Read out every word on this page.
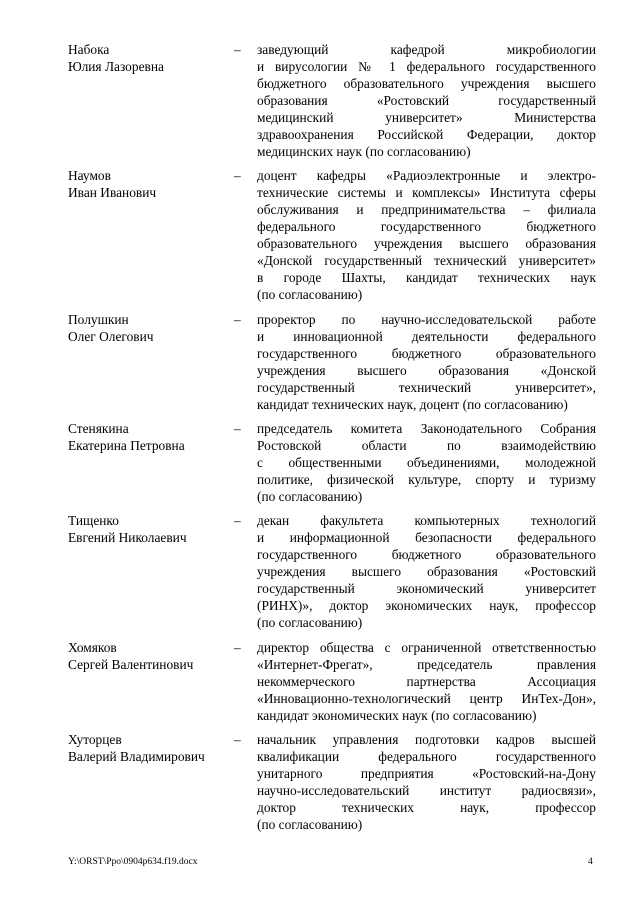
Набока
Юлия Лазоревна
– заведующий кафедрой микробиологии
и вирусологии № 1 федерального государственного
бюджетного образовательного учреждения высшего
образования «Ростовский государственный
медицинский университет» Министерства
здравоохранения Российской Федерации, доктор
медицинских наук (по согласованию)
Наумов
Иван Иванович
– доцент кафедры «Радиоэлектронные и электро-
технические системы и комплексы» Института сферы
обслуживания и предпринимательства – филиала
федерального государственного бюджетного
образовательного учреждения высшего образования
«Донской государственный технический университет»
в городе Шахты, кандидат технических наук
(по согласованию)
Полушкин
Олег Олегович
– проректор по научно-исследовательской работе
и инновационной деятельности федерального
государственного бюджетного образовательного
учреждения высшего образования «Донской
государственный технический университет»,
кандидат технических наук, доцент (по согласованию)
Стенякина
Екатерина Петровна
– председатель комитета Законодательного Собрания
Ростовской области по взаимодействию
с общественными объединениями, молодежной
политике, физической культуре, спорту и туризму
(по согласованию)
Тищенко
Евгений Николаевич
– декан факультета компьютерных технологий
и информационной безопасности федерального
государственного бюджетного образовательного
учреждения высшего образования «Ростовский
государственный экономический университет
(РИНХ)», доктор экономических наук, профессор
(по согласованию)
Хомяков
Сергей Валентинович
– директор общества с ограниченной ответственностью
«Интернет-Фрегат», председатель правления
некоммерческого партнерства Ассоциация
«Инновационно-технологический центр ИнТех-Дон»,
кандидат экономических наук (по согласованию)
Хуторцев
Валерий Владимирович
– начальник управления подготовки кадров высшей
квалификации федерального государственного
унитарного предприятия «Ростовский-на-Дону
научно-исследовательский институт радиосвязи»,
доктор технических наук, профессор
(по согласованию)
Y:\ORST\Ppo\0904p634.f19.docx	4
